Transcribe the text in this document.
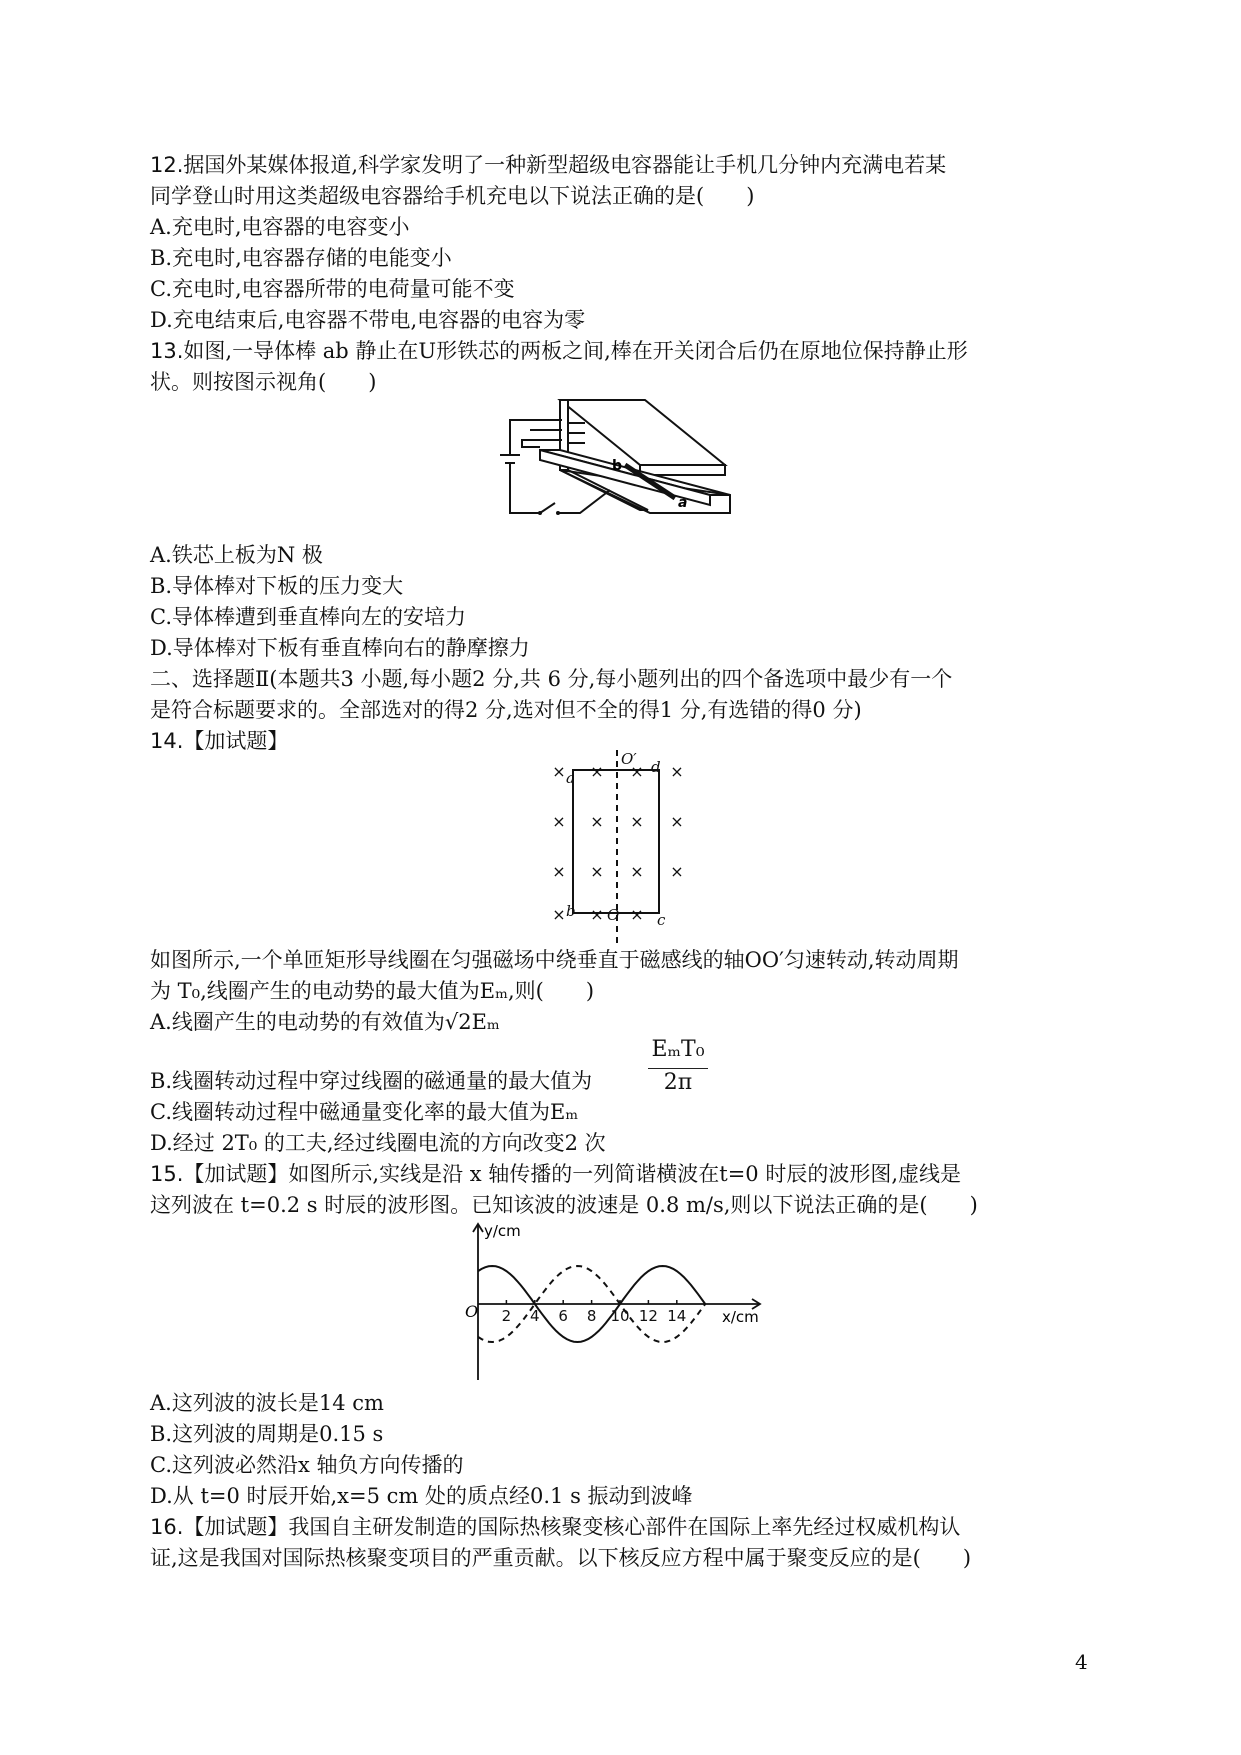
12.据国外某媒体报道,科学家发明了一种新型超级电容器能让手机几分钟内充满电若某
同学登山时用这类超级电容器给手机充电以下说法正确的是(　　)
A.充电时,电容器的电容变小
B.充电时,电容器存储的电能变小
C.充电时,电容器所带的电荷量可能不变
D.充电结束后,电容器不带电,电容器的电容为零
13.如图,一导体棒 ab 静止在U形铁芯的两板之间,棒在开关闭合后仍在原地位保持静止形
状。则按图示视角(　　)
b
a
A.铁芯上板为N 极
B.导体棒对下板的压力变大
C.导体棒遭到垂直棒向左的安培力
D.导体棒对下板有垂直棒向右的静摩擦力
二、选择题Ⅱ(本题共3 小题,每小题2 分,共 6 分,每小题列出的四个备选项中最少有一个
是符合标题要求的。全部选对的得2 分,选对但不全的得1 分,有选错的得0 分)
14.【加试题】
× × × ×
× × × ×
× × × ×
× × ×
a
d
b	c
O′
O
如图所示,一个单匝矩形导线圈在匀强磁场中绕垂直于磁感线的轴OO′匀速转动,转动周期
为 T₀,线圈产生的电动势的最大值为Eₘ,则(　　)
A.线圈产生的电动势的有效值为√2Eₘ
EₘT₀
2π
B.线圈转动过程中穿过线圈的磁通量的最大值为
C.线圈转动过程中磁通量变化率的最大值为Eₘ
D.经过 2T₀ 的工夫,经过线圈电流的方向改变2 次
15.【加试题】如图所示,实线是沿 x 轴传播的一列简谐横波在t=0 时辰的波形图,虚线是
这列波在 t=0.2 s 时辰的波形图。已知该波的波速是 0.8 m/s,则以下说法正确的是(　　)
2 4 6 8 10 12 14
O
y/cm
x/cm
A.这列波的波长是14 cm
B.这列波的周期是0.15 s
C.这列波必然沿x 轴负方向传播的
D.从 t=0 时辰开始,x=5 cm 处的质点经0.1 s 振动到波峰
16.【加试题】我国自主研发制造的国际热核聚变核心部件在国际上率先经过权威机构认
证,这是我国对国际热核聚变项目的严重贡献。以下核反应方程中属于聚变反应的是(　　)
4
